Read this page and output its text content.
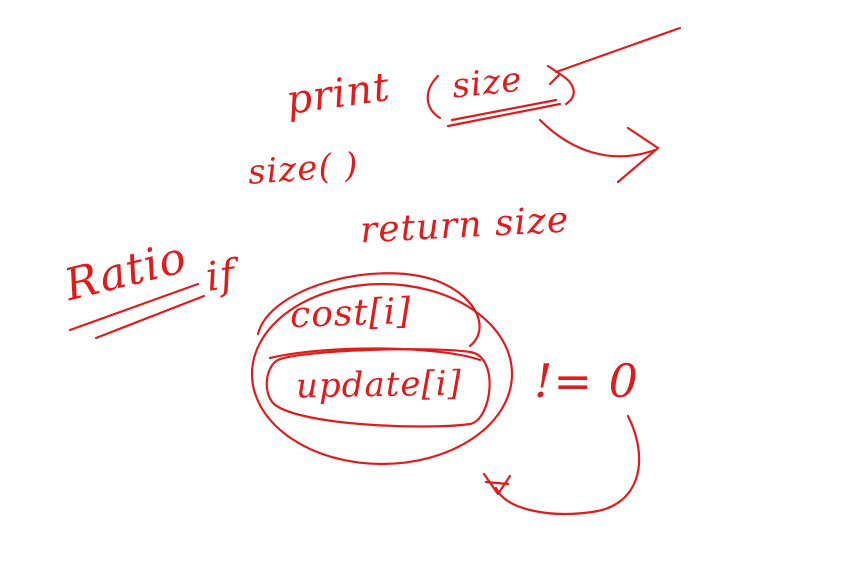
print size
size( )
return size
Ratio if
cost[i]
update[i] != 0
